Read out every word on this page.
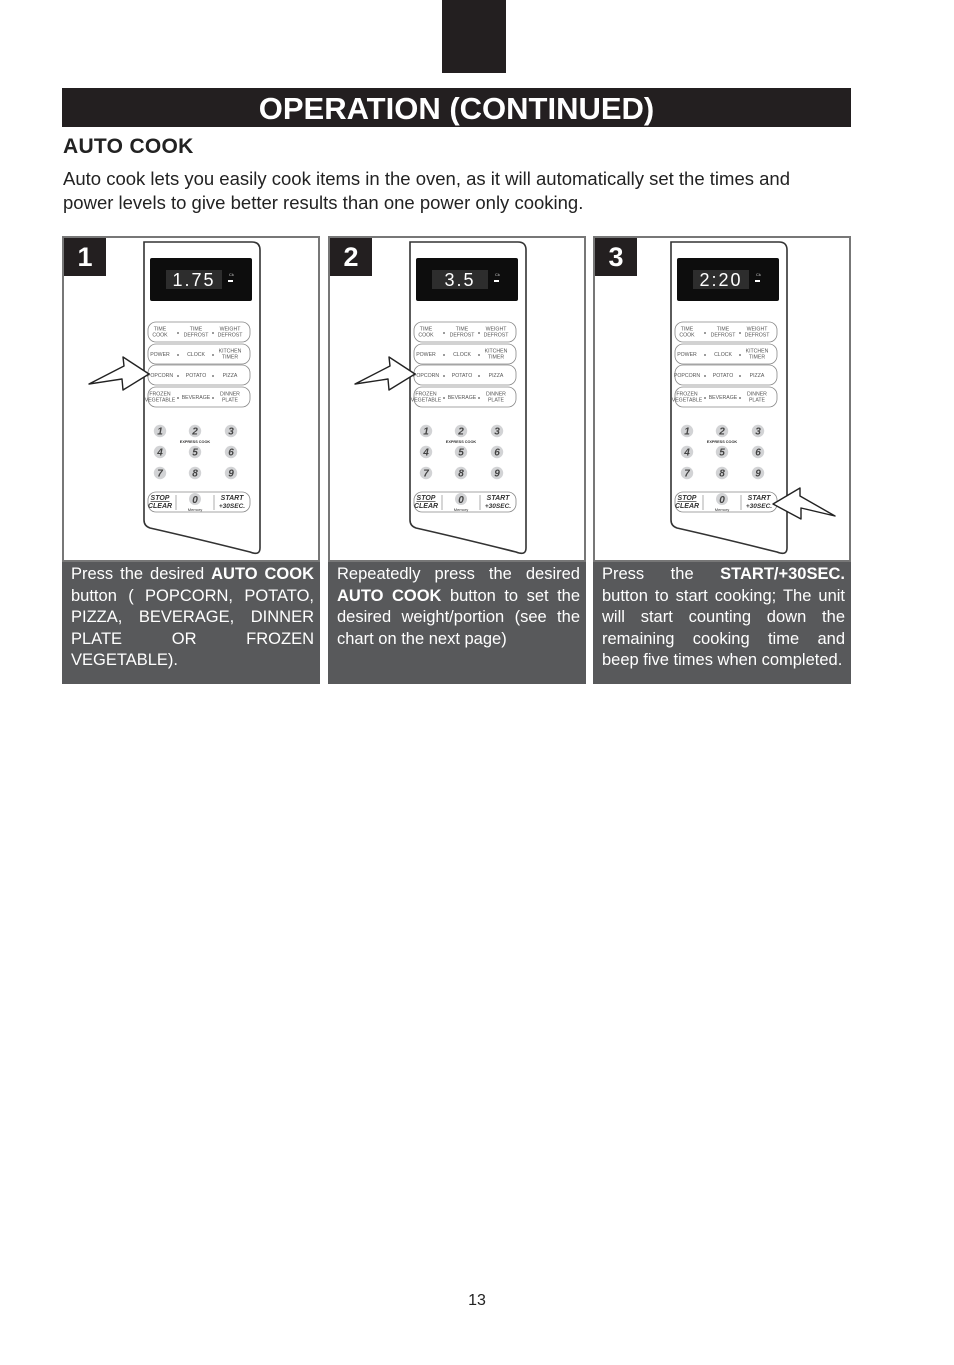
OPERATION (CONTINUED)
AUTO COOK
Auto cook lets you easily cook items in the oven, as it will automatically set the times and power levels to give better results than one power only cooking.
1.75	Ck
TIME
COOK
TIME
DEFROST
WEIGHT
DEFROST
POWER	CLOCK
KITCHEN
TIMER
POPCORN POTATO	PIZZA
FROZEN
VEGETABLE BEVERAGE
DINNER
PLATE
1	2	3
4	5	6
7	8	9
EXPRESS COOK
STOP
CLEAR
0
Memory
START
+30SEC.
1
Press the desired AUTO COOK button ( POPCORN, POTATO, PIZZA, BEVERAGE, DINNER PLATE OR FROZEN VEGETABLE).
3.5	Ck
TIME
COOK
TIME
DEFROST
WEIGHT
DEFROST
POWER	CLOCK
KITCHEN
TIMER
POPCORN POTATO	PIZZA
FROZEN
VEGETABLE BEVERAGE
DINNER
PLATE
1	2	3
4	5	6
7	8	9
EXPRESS COOK
STOP
CLEAR
0
Memory
START
+30SEC.
2
Repeatedly press the desired AUTO COOK button to set the desired weight/portion (see the chart on the next page)
2:20	Ck
TIME
COOK
TIME
DEFROST
WEIGHT
DEFROST
POWER	CLOCK
KITCHEN
TIMER
POPCORN POTATO	PIZZA
FROZEN
VEGETABLE BEVERAGE
DINNER
PLATE
1	2	3
4	5	6
7	8	9
EXPRESS COOK
STOP
CLEAR
0
Memory
START
+30SEC.
3
Press the START/+30SEC. button to start cooking; The unit will start counting down the remaining cooking time and beep five times when completed.
13
